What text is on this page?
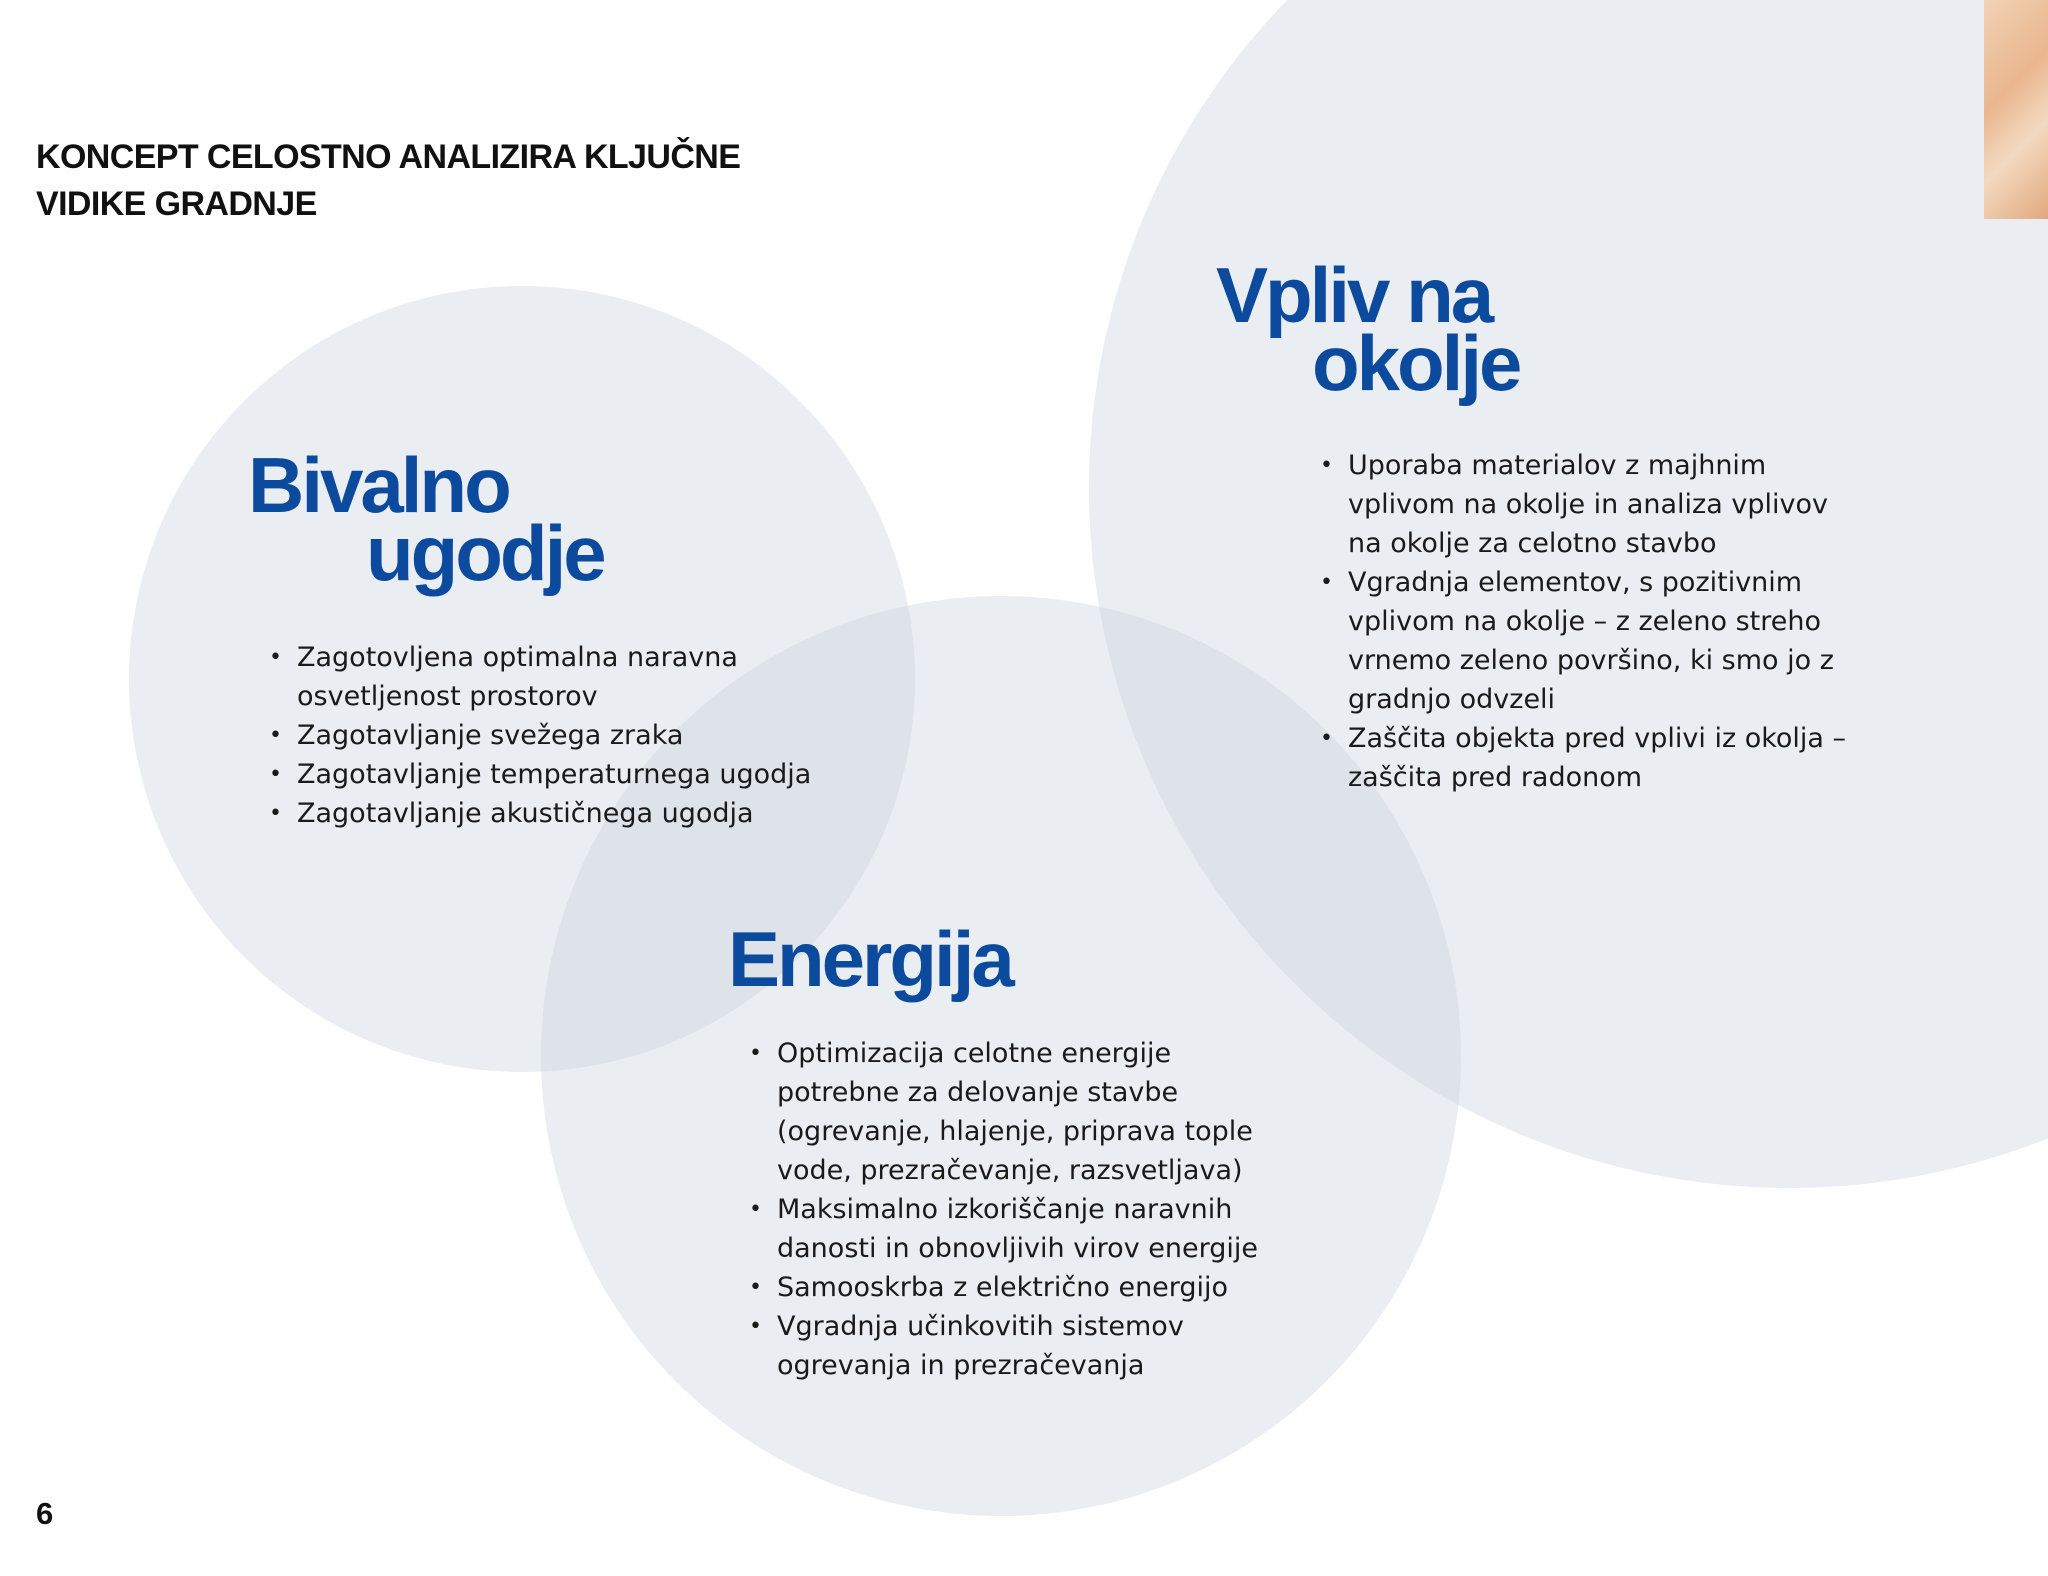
KONCEPT CELOSTNO ANALIZIRA KLJUČNE
VIDIKE GRADNJE
Bivalno
ugodje
• Zagotovljena optimalna naravna
osvetljenost prostorov
• Zagotavljanje svežega zraka
• Zagotavljanje temperaturnega ugodja
• Zagotavljanje akustičnega ugodja
Vpliv na
okolje
• Uporaba materialov z majhnim
vplivom na okolje in analiza vplivov
na okolje za celotno stavbo
• Vgradnja elementov, s pozitivnim
vplivom na okolje – z zeleno streho
vrnemo zeleno površino, ki smo jo z
gradnjo odvzeli
• Zaščita objekta pred vplivi iz okolja –
zaščita pred radonom
Energija
• Optimizacija celotne energije
potrebne za delovanje stavbe
(ogrevanje, hlajenje, priprava tople
vode, prezračevanje, razsvetljava)
• Maksimalno izkoriščanje naravnih
danosti in obnovljivih virov energije
• Samooskrba z električno energijo
• Vgradnja učinkovitih sistemov
ogrevanja in prezračevanja
6
